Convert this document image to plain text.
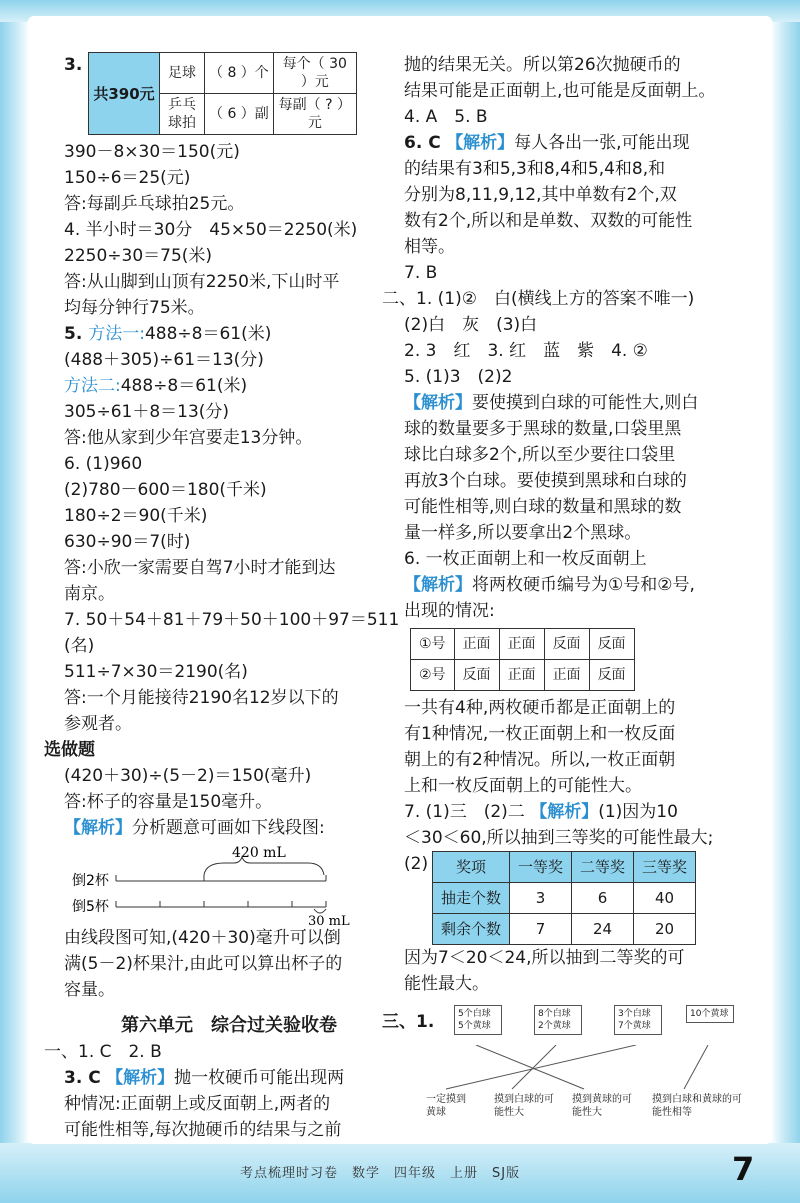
3.
共390元	足球	（ 8 ）个	每个（ 30 ）元
	乒乓球拍	（ 6 ）副	每副（ ? ）元
390－8×30＝150(元)
150÷6＝25(元)
答:每副乒乓球拍25元。
4. 半小时＝30分　45×50＝2250(米)
2250÷30＝75(米)
答:从山脚到山顶有2250米,下山时平
均每分钟行75米。
5. 方法一:488÷8＝61(米)
(488＋305)÷61＝13(分)
方法二:488÷8＝61(米)
305÷61＋8＝13(分)
答:他从家到少年宫要走13分钟。
6. (1)960
(2)780－600＝180(千米)
180÷2＝90(千米)
630÷90＝7(时)
答:小欣一家需要自驾7小时才能到达
南京。
7. 50＋54＋81＋79＋50＋100＋97＝511
(名)
511÷7×30＝2190(名)
答:一个月能接待2190名12岁以下的
参观者。
选做题
(420＋30)÷(5－2)＝150(毫升)
答:杯子的容量是150毫升。
【解析】分析题意可画如下线段图:
420 mL
倒2杯
倒5杯
30 mL
由线段图可知,(420＋30)毫升可以倒
满(5－2)杯果汁,由此可以算出杯子的
容量。
第六单元　综合过关验收卷
一、1. C　2. B
3. C 【解析】抛一枚硬币可能出现两
种情况:正面朝上或反面朝上,两者的
可能性相等,每次抛硬币的结果与之前
抛的结果无关。所以第26次抛硬币的
结果可能是正面朝上,也可能是反面朝上。
4. A　5. B
6. C 【解析】每人各出一张,可能出现
的结果有3和5,3和8,4和5,4和8,和
分别为8,11,9,12,其中单数有2个,双
数有2个,所以和是单数、双数的可能性
相等。
7. B
二、1. (1)②　白(横线上方的答案不唯一)
(2)白　灰　(3)白
2. 3　红　3. 红　蓝　紫　4. ②
5. (1)3　(2)2
【解析】要使摸到白球的可能性大,则白
球的数量要多于黑球的数量,口袋里黑
球比白球多2个,所以至少要往口袋里
再放3个白球。要使摸到黑球和白球的
可能性相等,则白球的数量和黑球的数
量一样多,所以要拿出2个黑球。
6. 一枚正面朝上和一枚反面朝上
【解析】将两枚硬币编号为①号和②号,
出现的情况:
①号	正面	正面	反面	反面
②号	反面	正面	正面	反面
一共有4种,两枚硬币都是正面朝上的
有1种情况,一枚正面朝上和一枚反面
朝上的有2种情况。所以,一枚正面朝
上和一枚反面朝上的可能性大。
7. (1)三　(2)二 【解析】(1)因为10
＜30＜60,所以抽到三等奖的可能性最大;
(2) 奖项	一等奖	二等奖	三等奖
抽走个数	3	6	40
剩余个数	7	24	20
因为7＜20＜24,所以抽到二等奖的可
能性最大。
三、1.	5个白球 5个黄球
8个白球 2个黄球
3个白球 7个黄球
10个黄球
一定摸到黄球
摸到白球的可能性大
摸到黄球的可能性大
摸到白球和黄球的可能性相等
考点梳理时习卷　数学　四年级　上册　SJ版	7
